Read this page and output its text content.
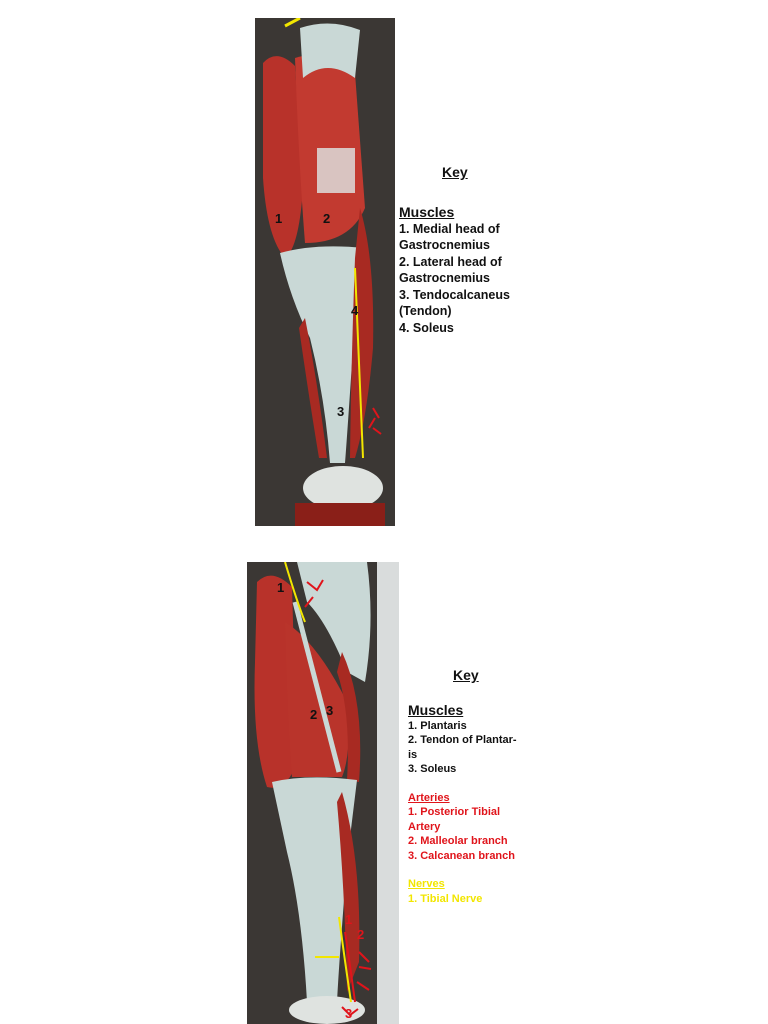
1	2
3
4
Key
Muscles
1. Medial head of
Gastrocnemius
2. Lateral head of
Gastrocnemius
3. Tendocalcaneus
(Tendon)
4. Soleus
1
2 3
1
2
3
Key
Muscles
1. Plantaris
2. Tendon of Plantar-
is
3. Soleus
Arteries
1. Posterior Tibial
Artery
2. Malleolar branch
3. Calcanean branch
Nerves
1. Tibial Nerve
